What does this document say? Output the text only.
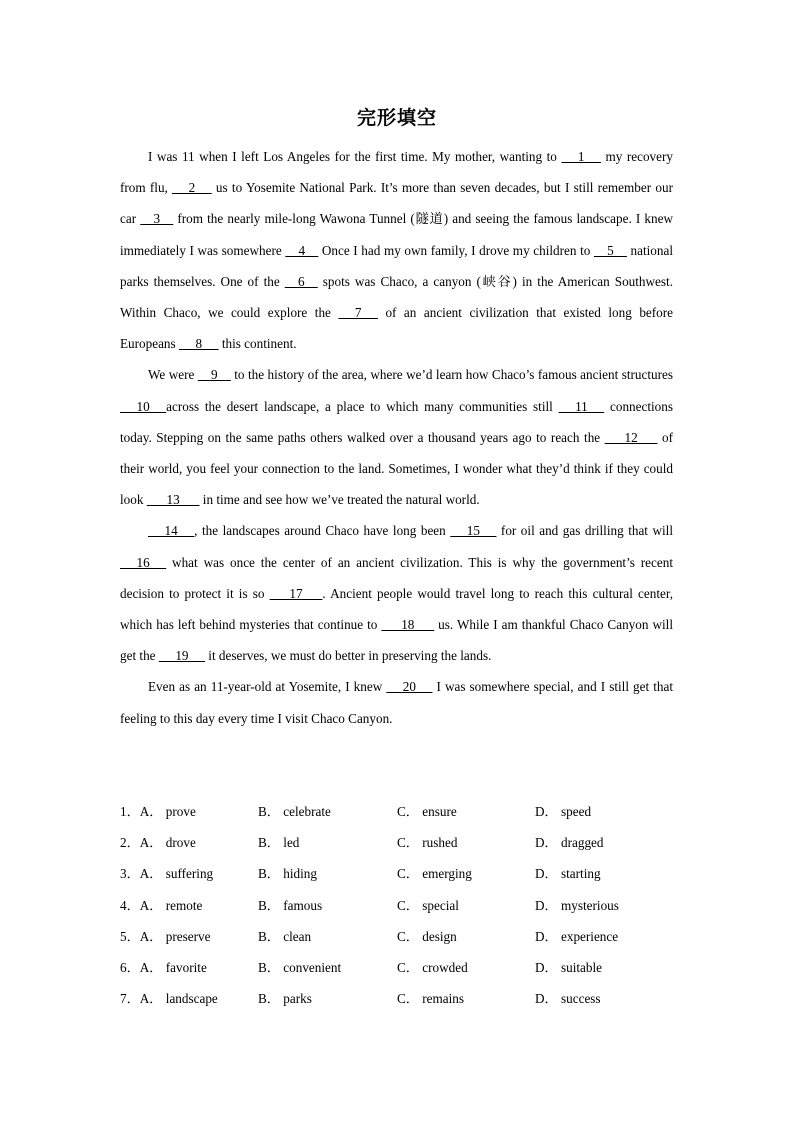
完形填空

I was 11 when I left Los Angeles for the first time. My mother, wanting to      1      my recovery from flu,      2      us to Yosemite National Park. It’s more than seven decades, but I still remember our car     3     from the nearly mile-long Wawona Tunnel (隧道) and seeing the famous landscape. I knew immediately I was somewhere     4     Once I had my own family, I drove my children to     5     national parks themselves. One of the     6     spots was Chaco, a canyon (峡谷) in the American Southwest. Within Chaco, we could explore the      7      of an ancient civilization that existed long before Europeans      8      this continent.

We were     9     to the history of the area, where we’d learn how Chaco’s famous ancient structures      10     across the desert landscape, a place to which many communities still      11      connections today. Stepping on the same paths others walked over a thousand years ago to reach the       12       of their world, you feel your connection to the land. Sometimes, I wonder what they’d think if they could look       13       in time and see how we’ve treated the natural world.

14     , the landscapes around Chaco have long been      15      for oil and gas drilling that will      16      what was once the center of an ancient civilization. This is why the government’s recent decision to protect it is so       17      . Ancient people would travel long to reach this cultural center, which has left behind mysteries that continue to       18       us. While I am thankful Chaco Canyon will get the      19      it deserves, we must do better in preserving the lands.

Even as an 11-year-old at Yosemite, I knew      20      I was somewhere special, and I still get that feeling to this day every time I visit Chaco Canyon.

1．A． prove	B． celebrate	C． ensure	D． speed
2．A． drove	B． led	C． rushed	D． dragged
3．A． suffering	B． hiding	C． emerging	D． starting
4．A． remote	B． famous	C． special	D． mysterious
5．A． preserve	B． clean	C． design	D． experience
6．A． favorite	B． convenient	C． crowded	D． suitable
7．A． landscape	B． parks	C． remains	D． success
